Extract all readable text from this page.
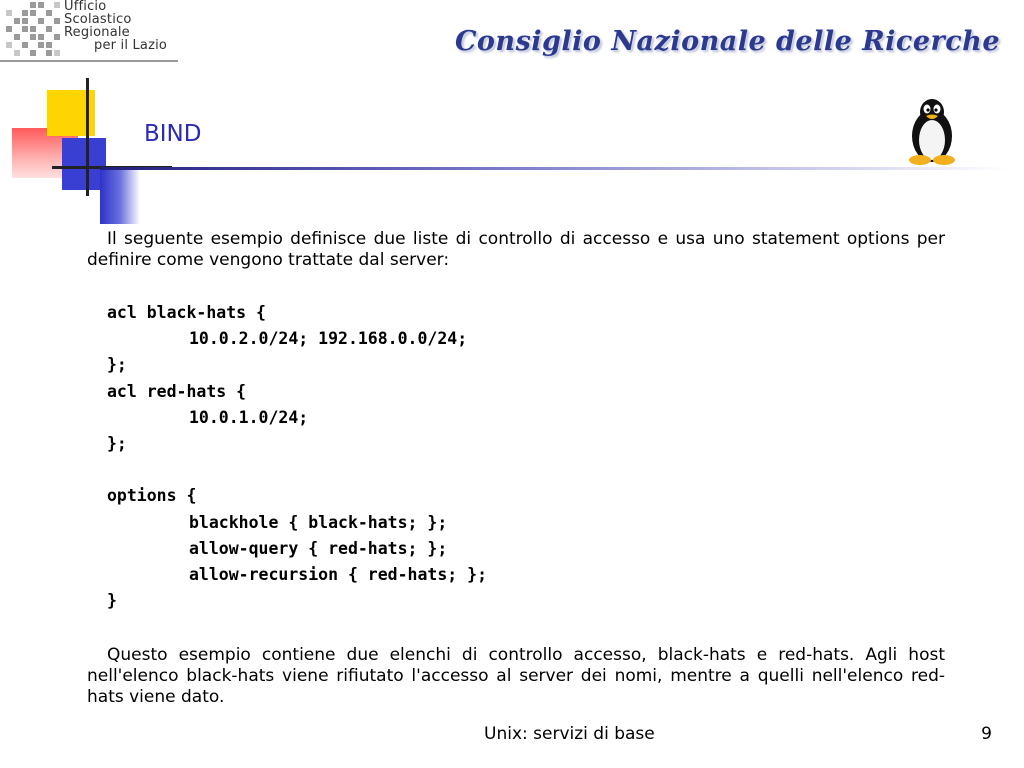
Ufficio
Scolastico
Regionale
per il Lazio	Consiglio Nazionale delle Ricerche
BIND
Il seguente esempio definisce due liste di controllo di accesso e usa uno statement options per definire come vengono trattate dal server:
acl black-hats {
10.0.2.0/24; 192.168.0.0/24;
};
acl red-hats {
10.0.1.0/24;
};
options {
blackhole { black-hats; };
allow-query { red-hats; };
allow-recursion { red-hats; };
}
Questo esempio contiene due elenchi di controllo accesso, black-hats e red-hats. Agli host nell'elenco black-hats viene rifiutato l'accesso al server dei nomi, mentre a quelli nell'elenco red-hats viene dato.
Unix: servizi di base	9
